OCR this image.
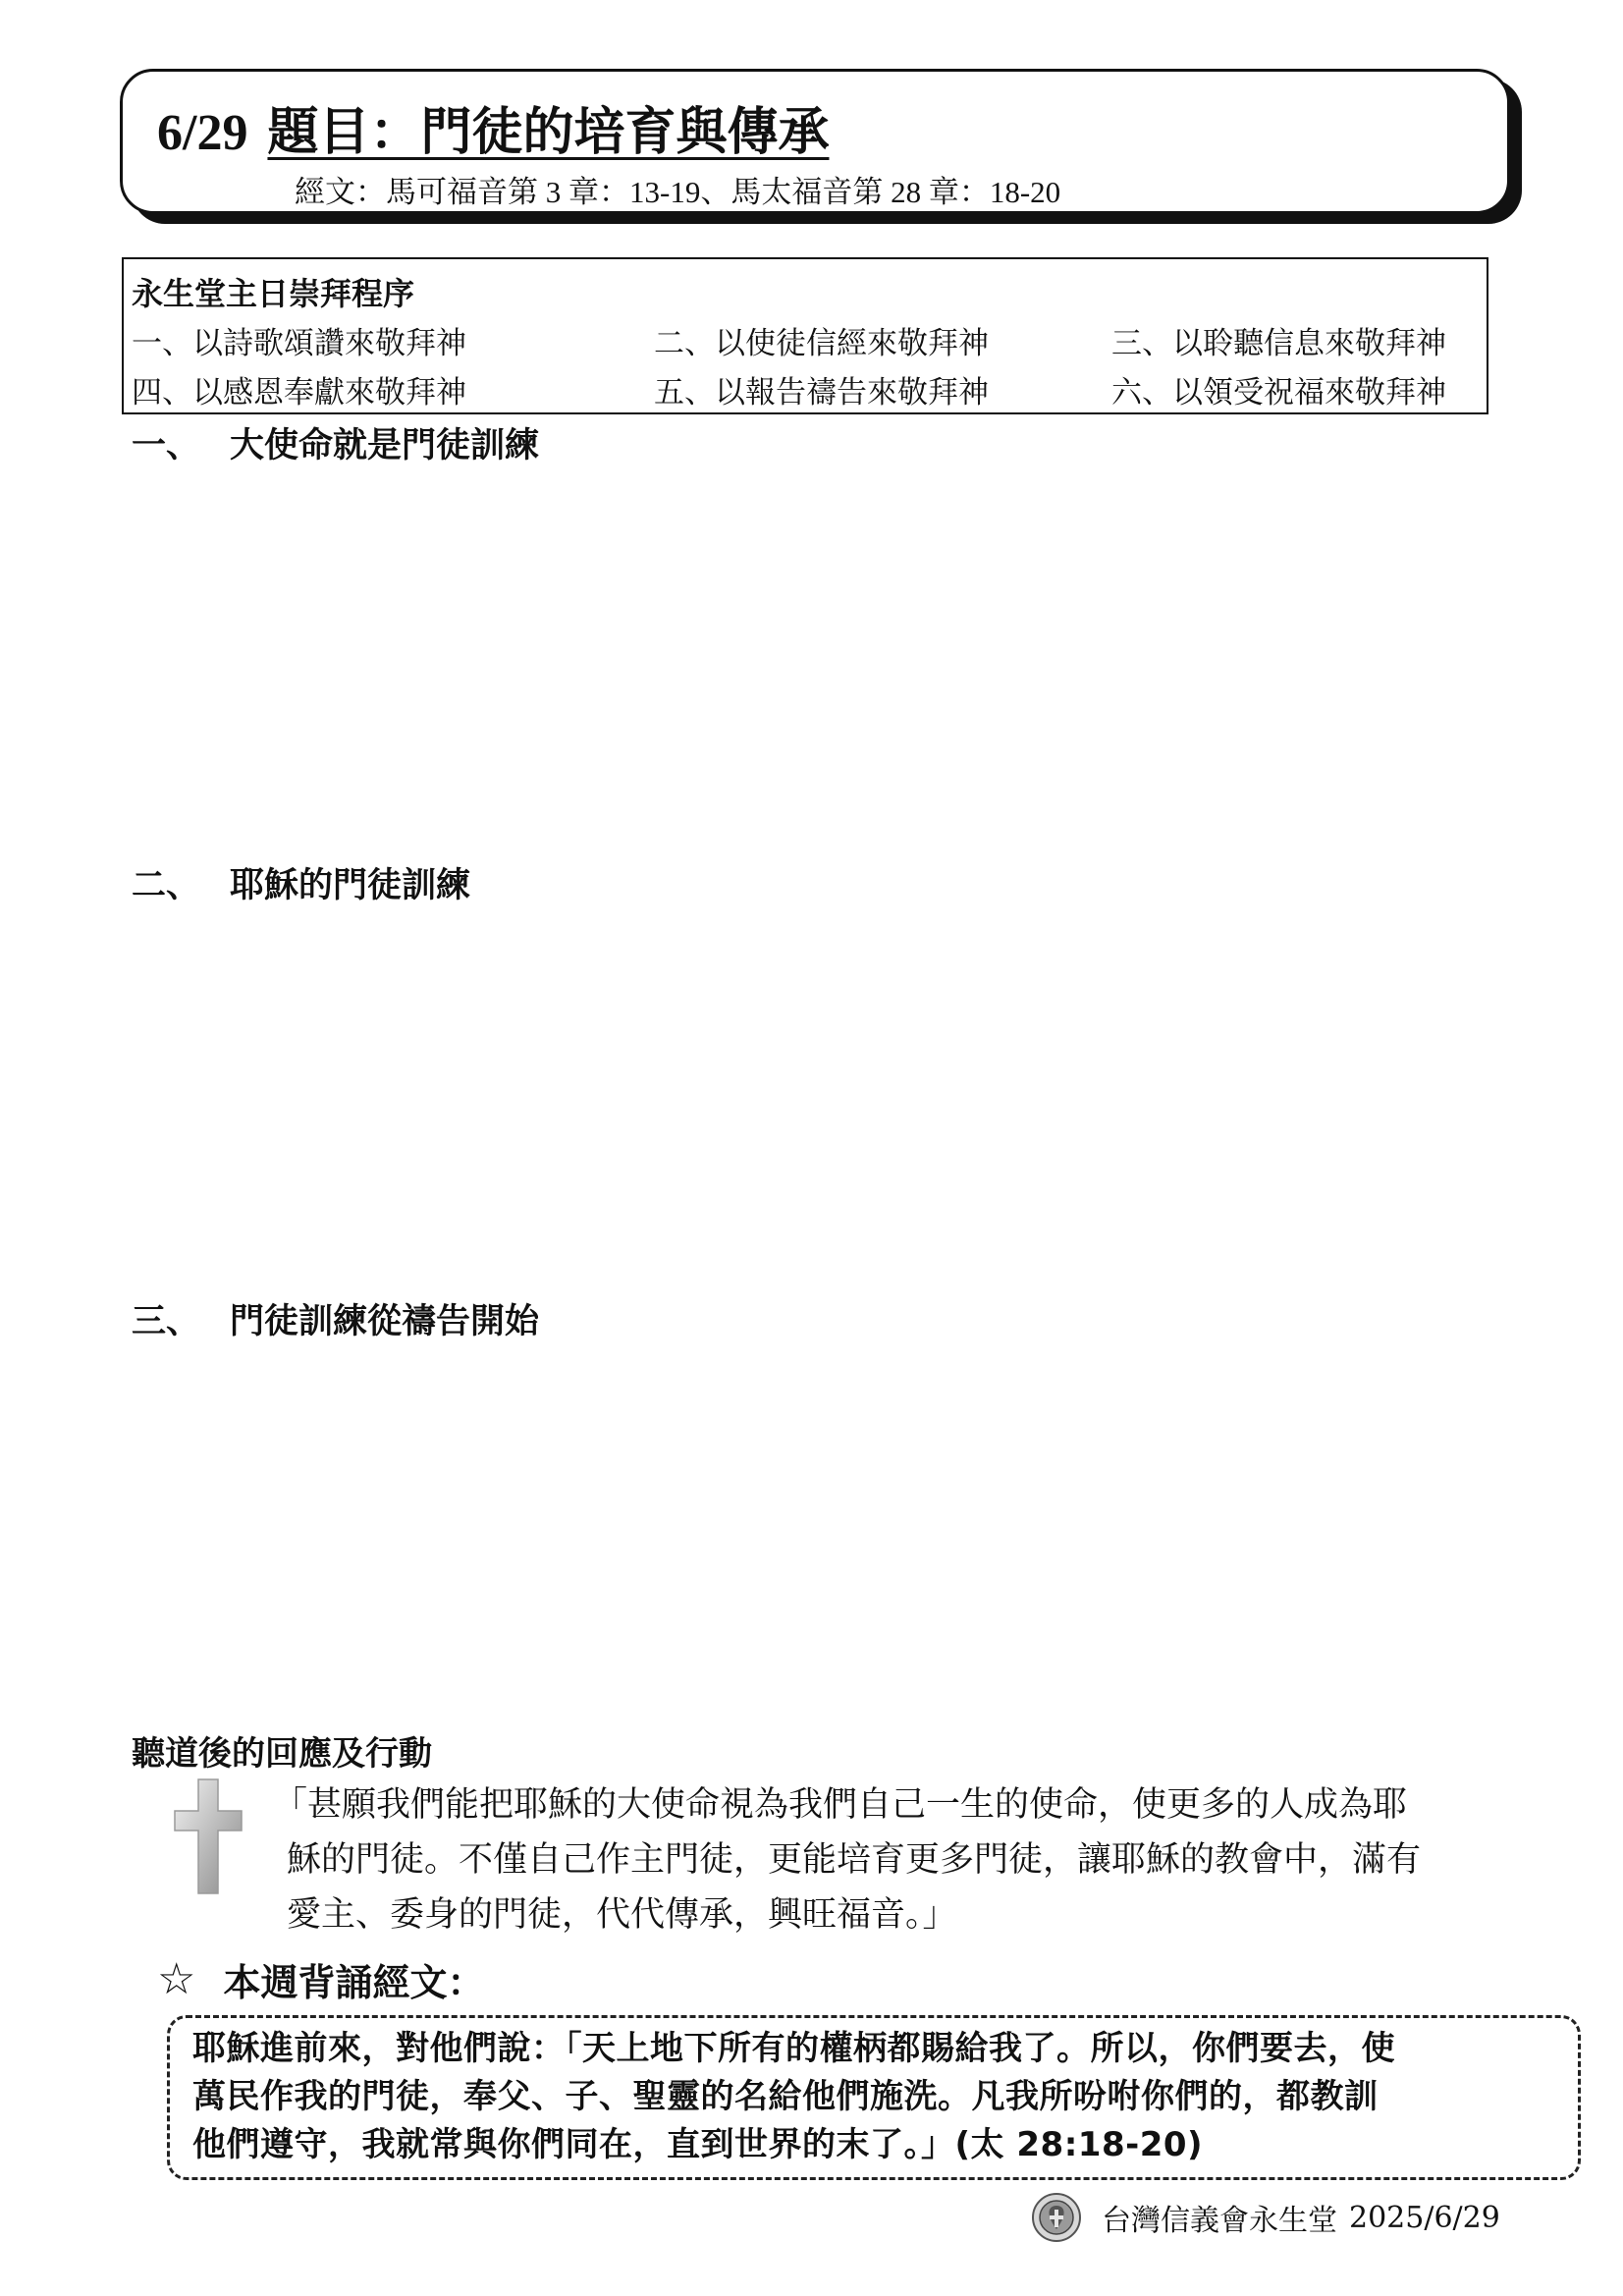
6/29 題目：門徒的培育與傳承
經文：馬可福音第 3 章：13-19、馬太福音第 28 章：18-20
永生堂主日崇拜程序
一、以詩歌頌讚來敬拜神	二、以使徒信經來敬拜神	三、以聆聽信息來敬拜神
四、以感恩奉獻來敬拜神	五、以報告禱告來敬拜神	六、以領受祝福來敬拜神
一、 大使命就是門徒訓練
二、 耶穌的門徒訓練
三、 門徒訓練從禱告開始
聽道後的回應及行動
「甚願我們能把耶穌的大使命視為我們自己一生的使命，使更多的人成為耶
穌的門徒。不僅自己作主門徒，更能培育更多門徒，讓耶穌的教會中，滿有
愛主、委身的門徒，代代傳承，興旺福音。」
☆ 本週背誦經文：
耶穌進前來，對他們說：「天上地下所有的權柄都賜給我了。所以，你們要去，使
萬民作我的門徒，奉父、子、聖靈的名給他們施洗。凡我所吩咐你們的，都教訓
他們遵守，我就常與你們同在，直到世界的末了。」(太 28:18-20)
台灣信義會永生堂 2025/6/29
